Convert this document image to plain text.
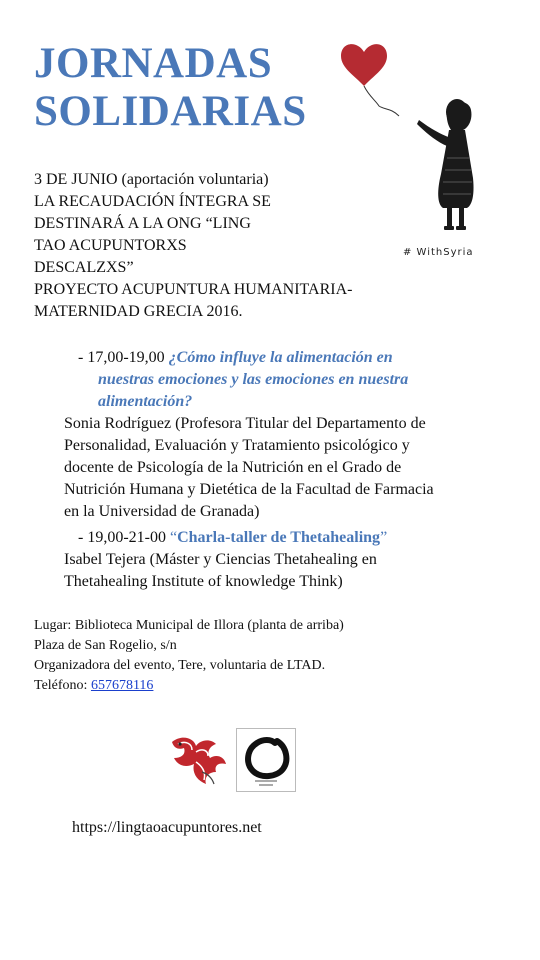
JORNADAS
SOLIDARIAS
# WithSyria
3 DE JUNIO (aportación voluntaria)
LA RECAUDACIÓN ÍNTEGRA SE
DESTINARÁ A LA ONG “LING
TAO ACUPUNTORXS
DESCALZXS”
PROYECTO ACUPUNTURA HUMANITARIA-
MATERNIDAD GRECIA 2016.
- 17,00-19,00 ¿Cómo influye la alimentación en
nuestras emociones y las emociones en nuestra
alimentación?
Sonia Rodríguez (Profesora Titular del Departamento de
Personalidad, Evaluación y Tratamiento psicológico y
docente de Psicología de la Nutrición en el Grado de
Nutrición Humana y Dietética de la Facultad de Farmacia
en la Universidad de Granada)
- 19,00-21-00 “Charla-taller de Thetahealing”
Isabel Tejera (Máster y Ciencias Thetahealing en
Thetahealing Institute of knowledge Think)
Lugar: Biblioteca Municipal de Illora (planta de arriba)
Plaza de San Rogelio, s/n
Organizadora del evento, Tere, voluntaria de LTAD.
Teléfono: 657678116
https://lingtaoacupuntores.net
